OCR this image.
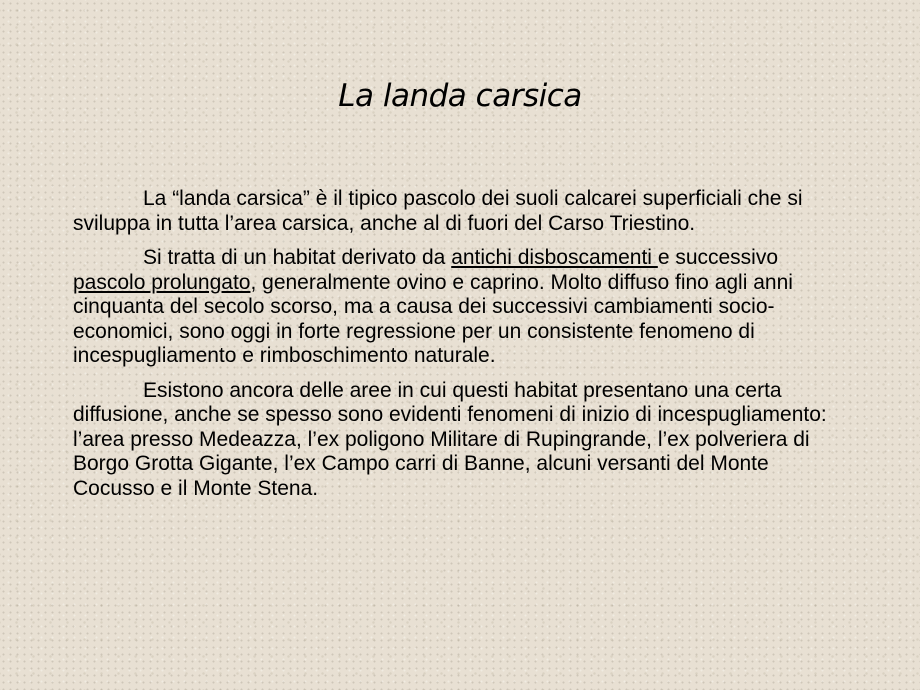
La landa carsica

La “landa carsica” è il tipico pascolo dei suoli calcarei superficiali che si sviluppa in tutta l’area carsica, anche al di fuori del Carso Triestino.

Si tratta di un habitat derivato da antichi disboscamenti e successivo pascolo prolungato, generalmente ovino e caprino. Molto diffuso fino agli anni cinquanta del secolo scorso, ma a causa dei successivi cambiamenti socio-economici, sono oggi in forte regressione per un consistente fenomeno di incespugliamento e rimboschimento naturale.

Esistono ancora delle aree in cui questi habitat presentano una certa diffusione, anche se spesso sono evidenti fenomeni di inizio di incespugliamento: l’area presso Medeazza, l’ex poligono Militare di Rupingrande, l’ex polveriera di Borgo Grotta Gigante, l’ex Campo carri di Banne, alcuni versanti del Monte Cocusso e il Monte Stena.
